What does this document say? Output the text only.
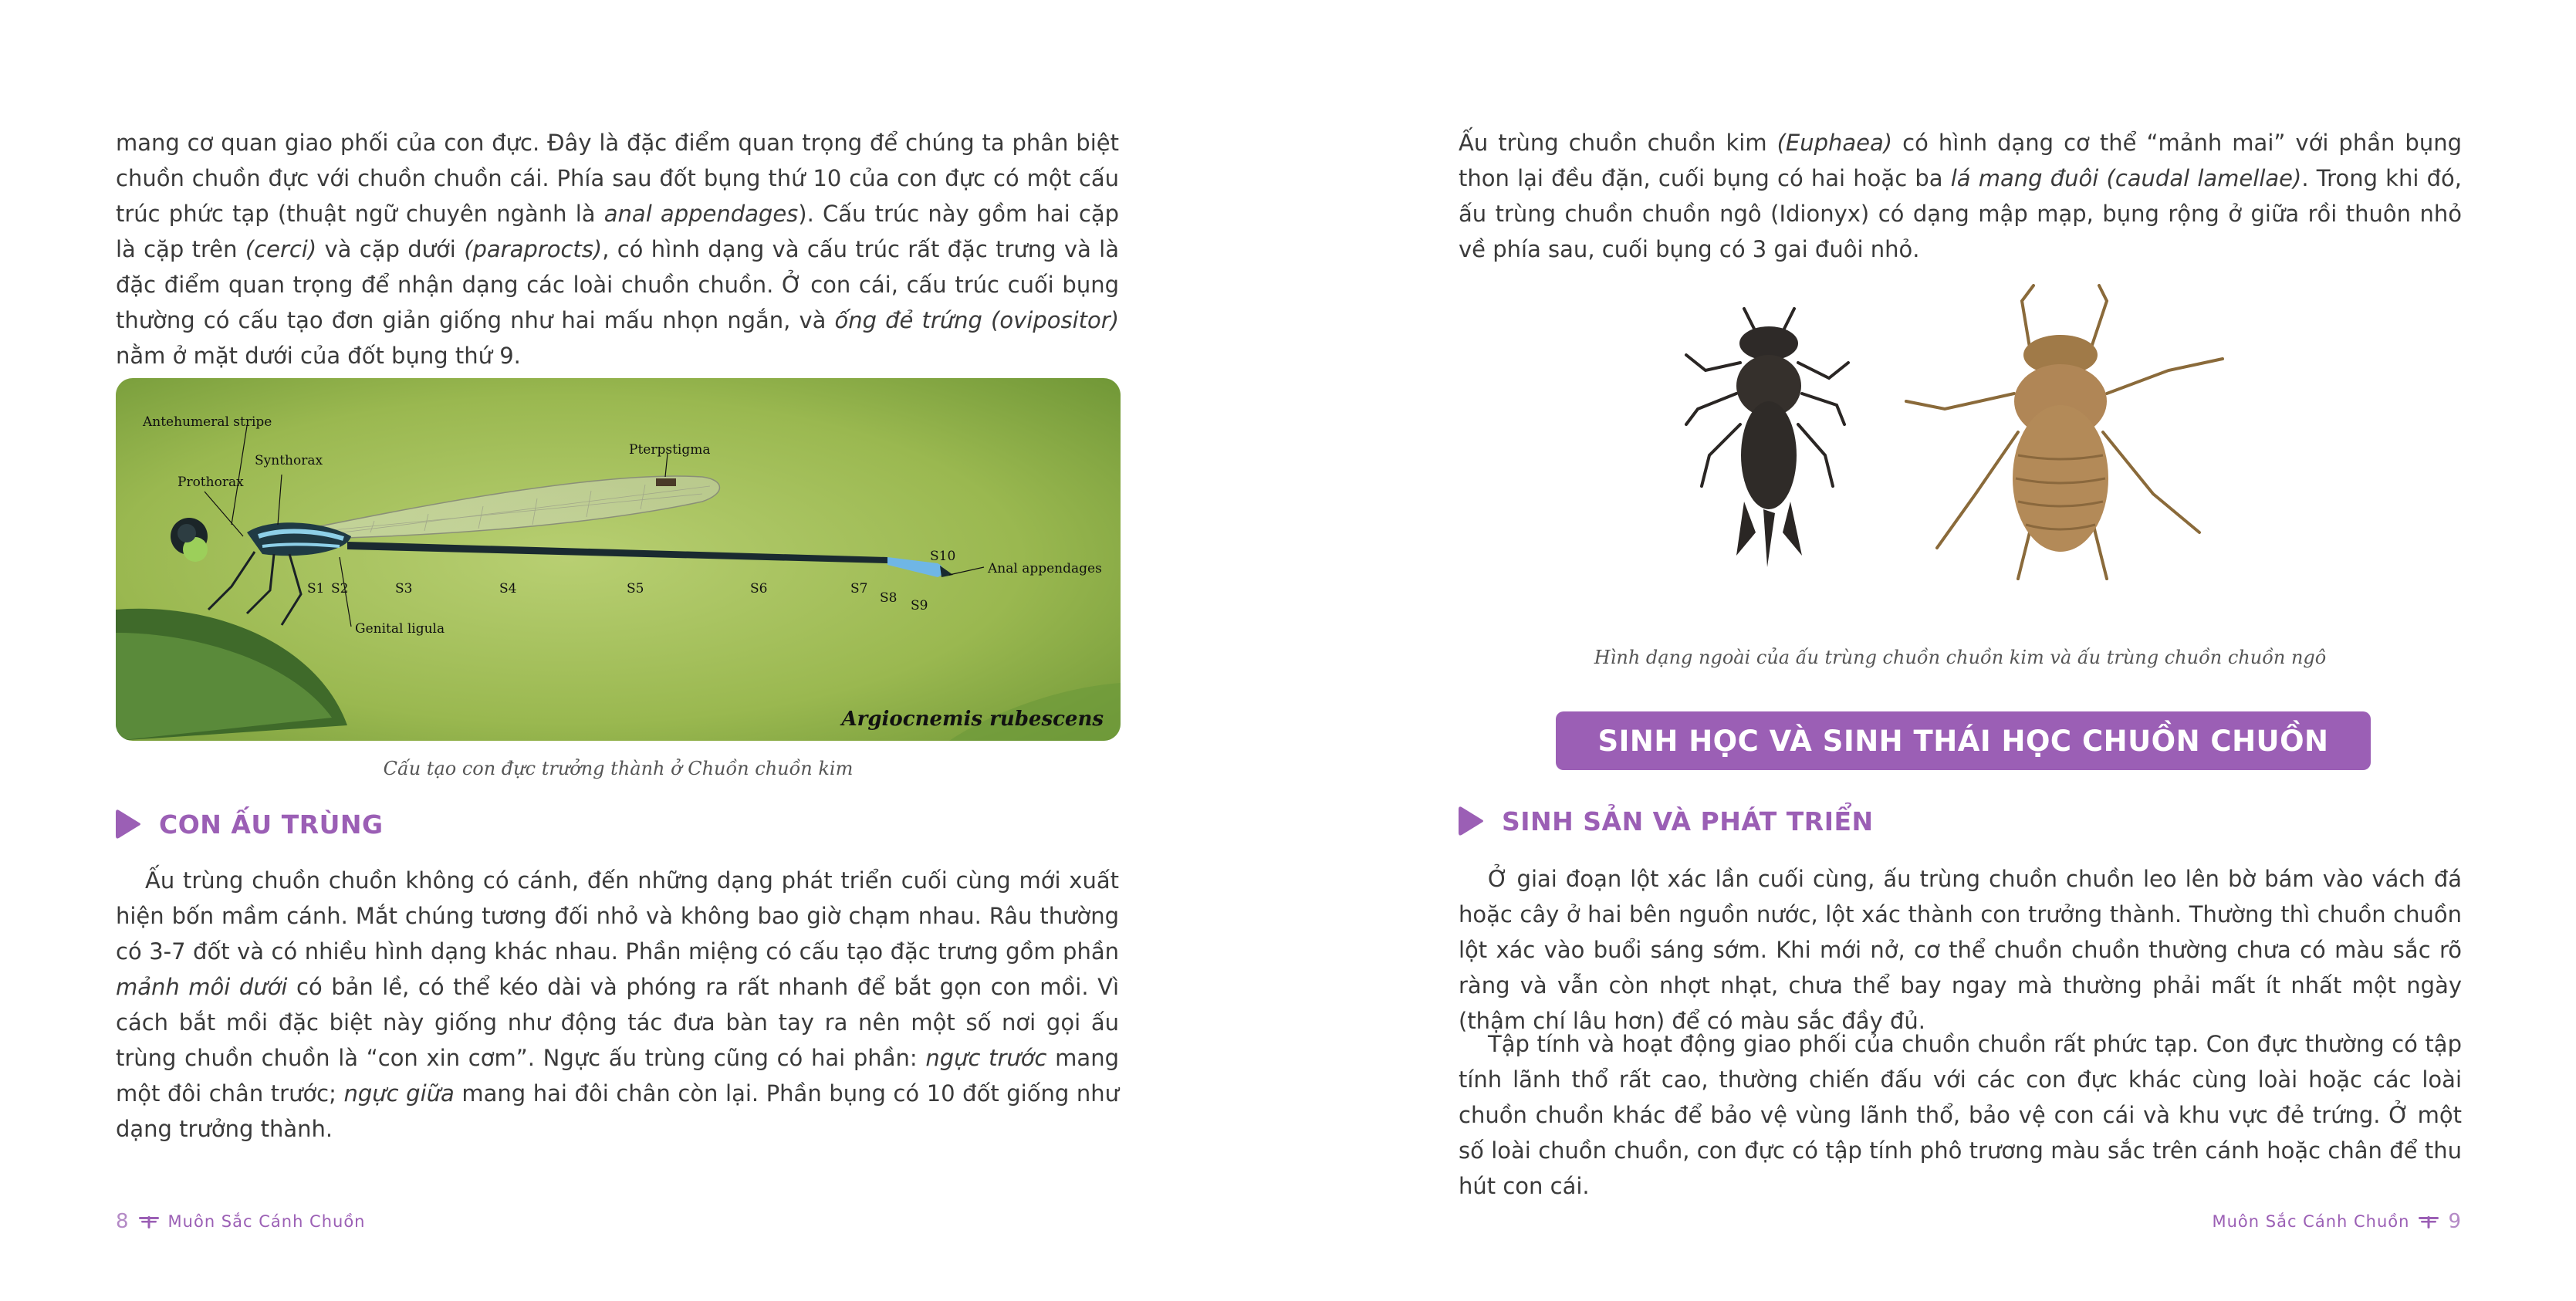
mang cơ quan giao phối của con đực. Đây là đặc điểm quan trọng để chúng ta phân biệt chuồn chuồn đực với chuồn chuồn cái. Phía sau đốt bụng thứ 10 của con đực có một cấu trúc phức tạp (thuật ngữ chuyên ngành là anal appendages). Cấu trúc này gồm hai cặp là cặp trên (cerci) và cặp dưới (paraprocts), có hình dạng và cấu trúc rất đặc trưng và là đặc điểm quan trọng để nhận dạng các loài chuồn chuồn. Ở con cái, cấu trúc cuối bụng thường có cấu tạo đơn giản giống như hai mấu nhọn ngắn, và ống đẻ trứng (ovipositor) nằm ở mặt dưới của đốt bụng thứ 9.

Antehumeral stripe
Synthorax
Prothorax
Pterpstigma
Genital ligula
Anal appendages
S1 S2	S3	S4	S5	S6	S7
S8 S9
S10
Argiocnemis rubescens
Cấu tạo con đực trưởng thành ở Chuồn chuồn kim
CON ẤU TRÙNG

Ấu trùng chuồn chuồn không có cánh, đến những dạng phát triển cuối cùng mới xuất hiện bốn mầm cánh. Mắt chúng tương đối nhỏ và không bao giờ chạm nhau. Râu thường có 3-7 đốt và có nhiều hình dạng khác nhau. Phần miệng có cấu tạo đặc trưng gồm phần mảnh môi dưới có bản lề, có thể kéo dài và phóng ra rất nhanh để bắt gọn con mồi. Vì cách bắt mồi đặc biệt này giống như động tác đưa bàn tay ra nên một số nơi gọi ấu trùng chuồn chuồn là “con xin cơm”. Ngực ấu trùng cũng có hai phần: ngực trước mang một đôi chân trước; ngực giữa mang hai đôi chân còn lại. Phần bụng có 10 đốt giống như dạng trưởng thành.

8 Muôn Sắc Cánh Chuồn

Ấu trùng chuồn chuồn kim (Euphaea) có hình dạng cơ thể “mảnh mai” với phần bụng thon lại đều đặn, cuối bụng có hai hoặc ba lá mang đuôi (caudal lamellae). Trong khi đó, ấu trùng chuồn chuồn ngô (Idionyx) có dạng mập mạp, bụng rộng ở giữa rồi thuôn nhỏ về phía sau, cuối bụng có 3 gai đuôi nhỏ.

Hình dạng ngoài của ấu trùng chuồn chuồn kim và ấu trùng chuồn chuồn ngô
SINH HỌC VÀ SINH THÁI HỌC CHUỒN CHUỒN
SINH SẢN VÀ PHÁT TRIỂN

Ở giai đoạn lột xác lần cuối cùng, ấu trùng chuồn chuồn leo lên bờ bám vào vách đá hoặc cây ở hai bên nguồn nước, lột xác thành con trưởng thành. Thường thì chuồn chuồn lột xác vào buổi sáng sớm. Khi mới nở, cơ thể chuồn chuồn thường chưa có màu sắc rõ ràng và vẫn còn nhợt nhạt, chưa thể bay ngay mà thường phải mất ít nhất một ngày (thậm chí lâu hơn) để có màu sắc đầy đủ.

Tập tính và hoạt động giao phối của chuồn chuồn rất phức tạp. Con đực thường có tập tính lãnh thổ rất cao, thường chiến đấu với các con đực khác cùng loài hoặc các loài chuồn chuồn khác để bảo vệ vùng lãnh thổ, bảo vệ con cái và khu vực đẻ trứng. Ở một số loài chuồn chuồn, con đực có tập tính phô trương màu sắc trên cánh hoặc chân để thu hút con cái.

Muôn Sắc Cánh Chuồn 9
